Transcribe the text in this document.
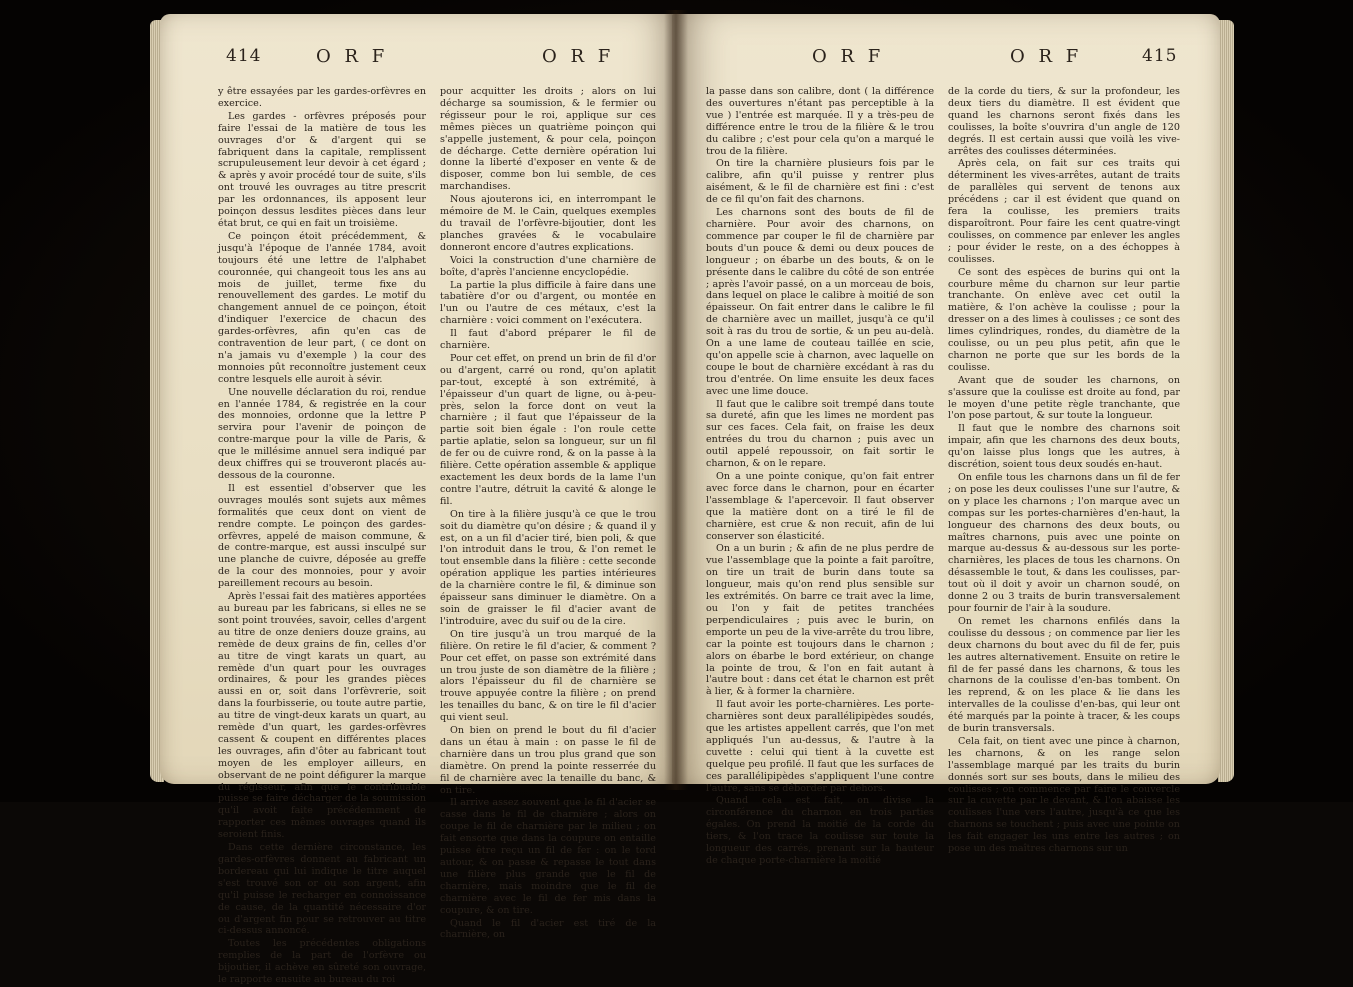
414	O R F	O R F

y être essayées par les gardes-orfèvres en exercice.

Les gardes - orfèvres préposés pour faire l'essai de la matière de tous les ouvrages d'or & d'argent qui se fabriquent dans la capitale, remplissent scrupuleusement leur devoir à cet égard ; & après y avoir procédé tour de suite, s'ils ont trouvé les ouvrages au titre prescrit par les ordonnances, ils apposent leur poinçon dessus lesdites pièces dans leur état brut, ce qui en fait un troisième.

Ce poinçon étoit précédemment, & jusqu'à l'époque de l'année 1784, avoit toujours été une lettre de l'alphabet couronnée, qui changeoit tous les ans au mois de juillet, terme fixe du renouvellement des gardes. Le motif du changement annuel de ce poinçon, étoit d'indiquer l'exercice de chacun des gardes-orfèvres, afin qu'en cas de contravention de leur part, ( ce dont on n'a jamais vu d'exemple ) la cour des monnoies pût reconnoître justement ceux contre lesquels elle auroit à sévir.

Une nouvelle déclaration du roi, rendue en l'année 1784, & registrée en la cour des monnoies, ordonne que la lettre P servira pour l'avenir de poinçon de contre-marque pour la ville de Paris, & que le millésime annuel sera indiqué par deux chiffres qui se trouveront placés au-dessous de la couronne.

Il est essentiel d'observer que les ouvrages moulés sont sujets aux mêmes formalités que ceux dont on vient de rendre compte. Le poinçon des gardes-orfèvres, appelé de maison commune, & de contre-marque, est aussi insculpé sur une planche de cuivre, déposée au greffe de la cour des monnoies, pour y avoir pareillement recours au besoin.

Après l'essai fait des matières apportées au bureau par les fabricans, si elles ne se sont point trouvées, savoir, celles d'argent au titre de onze deniers douze grains, au remède de deux grains de fin, celles d'or au titre de vingt karats un quart, au remède d'un quart pour les ouvrages ordinaires, & pour les grandes pièces aussi en or, soit dans l'orfèvrerie, soit dans la fourbisserie, ou toute autre partie, au titre de vingt-deux karats un quart, au remède d'un quart, les gardes-orfèvres cassent & coupent en différentes places les ouvrages, afin d'ôter au fabricant tout moyen de les employer ailleurs, en observant de ne point défigurer la marque du régisseur, afin que le contribuable puisse se faire décharger de la soumission qu'il avoit faite précédemment de rapporter ces mêmes ouvrages quand ils seroient finis.

Dans cette dernière circonstance, les gardes-orfèvres donnent au fabricant un bordereau qui lui indique le titre auquel s'est trouvé son or ou son argent, afin qu'il puisse le recharger en connoissance de cause, de la quantité nécessaire d'or ou d'argent fin pour se retrouver au titre ci-dessus annoncé.

Toutes les précédentes obligations remplies de la part de l'orfèvre ou bijoutier, il achève en sûreté son ouvrage, le rapporte ensuite au bureau du roi

pour acquitter les droits ; alors on lui décharge sa soumission, & le fermier ou régisseur pour le roi, applique sur ces mêmes pièces un quatrième poinçon qui s'appelle justement, & pour cela, poinçon de décharge. Cette dernière opération lui donne la liberté d'exposer en vente & de disposer, comme bon lui semble, de ces marchandises.

Nous ajouterons ici, en interrompant le mémoire de M. le Cain, quelques exemples du travail de l'orfèvre-bijoutier, dont les planches gravées & le vocabulaire donneront encore d'autres explications.

Voici la construction d'une charnière de boîte, d'après l'ancienne encyclopédie.

La partie la plus difficile à faire dans une tabatière d'or ou d'argent, ou montée en l'un ou l'autre de ces métaux, c'est la charnière : voici comment on l'exécutera.

Il faut d'abord préparer le fil de charnière.

Pour cet effet, on prend un brin de fil d'or ou d'argent, carré ou rond, qu'on aplatit par-tout, excepté à son extrémité, à l'épaisseur d'un quart de ligne, ou à-peu-près, selon la force dont on veut la charnière ; il faut que l'épaisseur de la partie soit bien égale : l'on roule cette partie aplatie, selon sa longueur, sur un fil de fer ou de cuivre rond, & on la passe à la filière. Cette opération assemble & applique exactement les deux bords de la lame l'un contre l'autre, détruit la cavité & alonge le fil.

On tire à la filière jusqu'à ce que le trou soit du diamètre qu'on désire ; & quand il y est, on a un fil d'acier tiré, bien poli, & que l'on introduit dans le trou, & l'on remet le tout ensemble dans la filière : cette seconde opération applique les parties intérieures de la charnière contre le fil, & diminue son épaisseur sans diminuer le diamètre. On a soin de graisser le fil d'acier avant de l'introduire, avec du suif ou de la cire.

On tire jusqu'à un trou marqué de la filière. On retire le fil d'acier, & comment ? Pour cet effet, on passe son extrémité dans un trou juste de son diamètre de la filière ; alors l'épaisseur du fil de charnière se trouve appuyée contre la filière ; on prend les tenailles du banc, & on tire le fil d'acier qui vient seul.

On bien on prend le bout du fil d'acier dans un étau à main : on passe le fil de charnière dans un trou plus grand que son diamètre. On prend la pointe resserrée du fil de charnière avec la tenaille du banc, & on tire.

Il arrive assez souvent que le fil d'acier se casse dans le fil de charnière ; alors on coupe le fil de charnière par le milieu ; on fait ensorte que dans la coupure on entaille puisse être reçu un fil de fer : on le tord autour, & on passe & repasse le tout dans une filière plus grande que le fil de charnière, mais moindre que le fil de charnière avec le fil de fer mis dans la coupure, & on tire.

Quand le fil d'acier est tiré de la charnière, on

O R F	O R F	415

la passe dans son calibre, dont ( la différence des ouvertures n'étant pas perceptible à la vue ) l'entrée est marquée. Il y a très-peu de différence entre le trou de la filière & le trou du calibre ; c'est pour cela qu'on a marqué le trou de la filière.

On tire la charnière plusieurs fois par le calibre, afin qu'il puisse y rentrer plus aisément, & le fil de charnière est fini : c'est de ce fil qu'on fait des charnons.

Les charnons sont des bouts de fil de charnière. Pour avoir des charnons, on commence par couper le fil de charnière par bouts d'un pouce & demi ou deux pouces de longueur ; on ébarbe un des bouts, & on le présente dans le calibre du côté de son entrée ; après l'avoir passé, on a un morceau de bois, dans lequel on place le calibre à moitié de son épaisseur. On fait entrer dans le calibre le fil de charnière avec un maillet, jusqu'à ce qu'il soit à ras du trou de sortie, & un peu au-delà. On a une lame de couteau taillée en scie, qu'on appelle scie à charnon, avec laquelle on coupe le bout de charnière excédant à ras du trou d'entrée. On lime ensuite les deux faces avec une lime douce.

Il faut que le calibre soit trempé dans toute sa dureté, afin que les limes ne mordent pas sur ces faces. Cela fait, on fraise les deux entrées du trou du charnon ; puis avec un outil appelé repoussoir, on fait sortir le charnon, & on le repare.

On a une pointe conique, qu'on fait entrer avec force dans le charnon, pour en écarter l'assemblage & l'apercevoir. Il faut observer que la matière dont on a tiré le fil de charnière, est crue & non recuit, afin de lui conserver son élasticité.

On a un burin ; & afin de ne plus perdre de vue l'assemblage que la pointe a fait paroître, on tire un trait de burin dans toute sa longueur, mais qu'on rend plus sensible sur les extrémités. On barre ce trait avec la lime, ou l'on y fait de petites tranchées perpendiculaires ; puis avec le burin, on emporte un peu de la vive-arrête du trou libre, car la pointe est toujours dans le charnon ; alors on ébarbe le bord extérieur, on change la pointe de trou, & l'on en fait autant à l'autre bout : dans cet état le charnon est prêt à lier, & à former la charnière.

Il faut avoir les porte-charnières. Les porte-charnières sont deux parallélipipèdes soudés, que les artistes appellent carrés, que l'on met appliqués l'un au-dessus, & l'autre à la cuvette : celui qui tient à la cuvette est quelque peu profilé. Il faut que les surfaces de ces parallélipipèdes s'appliquent l'une contre l'autre, sans se déborder par dehors.

Quand cela est fait, on divise la circonférence du charnon en trois parties égales. On prend la moitié de la corde du tiers, & l'on trace la coulisse sur toute la longueur des carrés, prenant sur la hauteur de chaque porte-charnière la moitié

de la corde du tiers, & sur la profondeur, les deux tiers du diamètre. Il est évident que quand les charnons seront fixés dans les coulisses, la boîte s'ouvrira d'un angle de 120 degrés. Il est certain aussi que voilà les vive-arrêtes des coulisses déterminées.

Après cela, on fait sur ces traits qui déterminent les vives-arrêtes, autant de traits de parallèles qui servent de tenons aux précédens ; car il est évident que quand on fera la coulisse, les premiers traits disparoîtront. Pour faire les cent quatre-vingt coulisses, on commence par enlever les angles ; pour évider le reste, on a des échoppes à coulisses.

Ce sont des espèces de burins qui ont la courbure même du charnon sur leur partie tranchante. On enlève avec cet outil la matière, & l'on achève la coulisse ; pour la dresser on a des limes à coulisses ; ce sont des limes cylindriques, rondes, du diamètre de la coulisse, ou un peu plus petit, afin que le charnon ne porte que sur les bords de la coulisse.

Avant que de souder les charnons, on s'assure que la coulisse est droite au fond, par le moyen d'une petite règle tranchante, que l'on pose partout, & sur toute la longueur.

Il faut que le nombre des charnons soit impair, afin que les charnons des deux bouts, qu'on laisse plus longs que les autres, à discrétion, soient tous deux soudés en-haut.

On enfile tous les charnons dans un fil de fer ; on pose les deux coulisses l'une sur l'autre, & on y place les charnons ; l'on marque avec un compas sur les portes-charnières d'en-haut, la longueur des charnons des deux bouts, ou maîtres charnons, puis avec une pointe on marque au-dessus & au-dessous sur les porte-charnières, les places de tous les charnons. On désassemble le tout, & dans les coulisses, par-tout où il doit y avoir un charnon soudé, on donne 2 ou 3 traits de burin transversalement pour fournir de l'air à la soudure.

On remet les charnons enfilés dans la coulisse du dessous ; on commence par lier les deux charnons du bout avec du fil de fer, puis les autres alternativement. Ensuite on retire le fil de fer passé dans les charnons, & tous les charnons de la coulisse d'en-bas tombent. On les reprend, & on les place & lie dans les intervalles de la coulisse d'en-bas, qui leur ont été marqués par la pointe à tracer, & les coups de burin transversals.

Cela fait, on tient avec une pince à charnon, les charnons, & on les range selon l'assemblage marqué par les traits du burin donnés sort sur ses bouts, dans le milieu des coulisses ; on commence par faire le couvercle sur la cuvette par le devant, & l'on abaisse les coulisses l'une vers l'autre, jusqu'à ce que les charnons se touchent ; puis avec une pointe on les fait engager les uns entre les autres ; on pose un des maîtres charnons sur un
